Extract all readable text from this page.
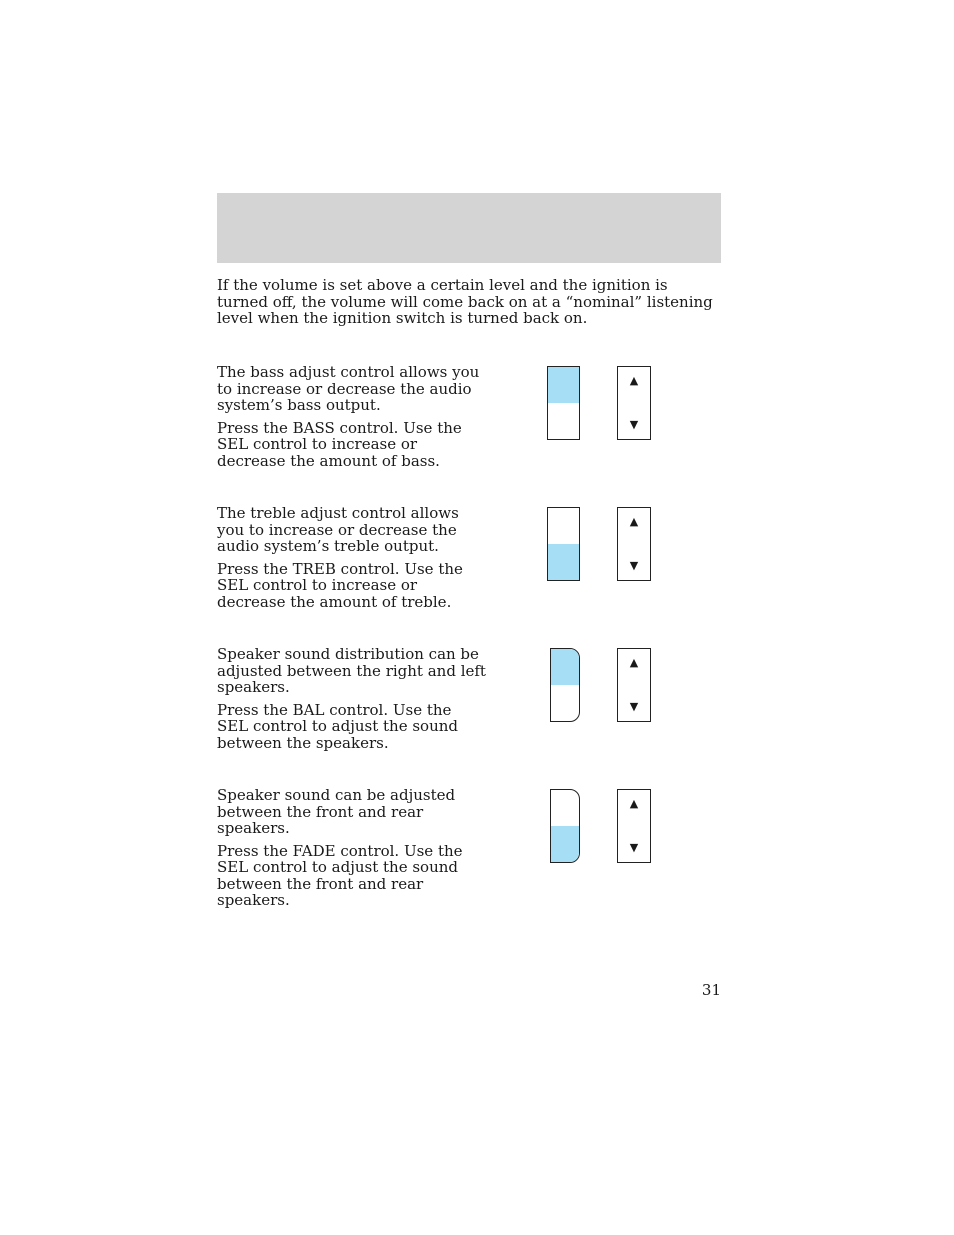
If the volume is set above a certain level and the ignition is turned off, the volume will come back on at a “nominal” listening level when the ignition switch is turned back on.

The bass adjust control allows you to increase or decrease the audio system’s bass output.

Press the BASS control. Use the SEL control to increase or decrease the amount of bass.

▲
▼

The treble adjust control allows you to increase or decrease the audio system’s treble output.

Press the TREB control. Use the SEL control to increase or decrease the amount of treble.

▲
▼

Speaker sound distribution can be adjusted between the right and left speakers.

Press the BAL control. Use the SEL control to adjust the sound between the speakers.

▲
▼

Speaker sound can be adjusted between the front and rear speakers.

Press the FADE control. Use the SEL control to adjust the sound between the front and rear speakers.

▲
▼
31
